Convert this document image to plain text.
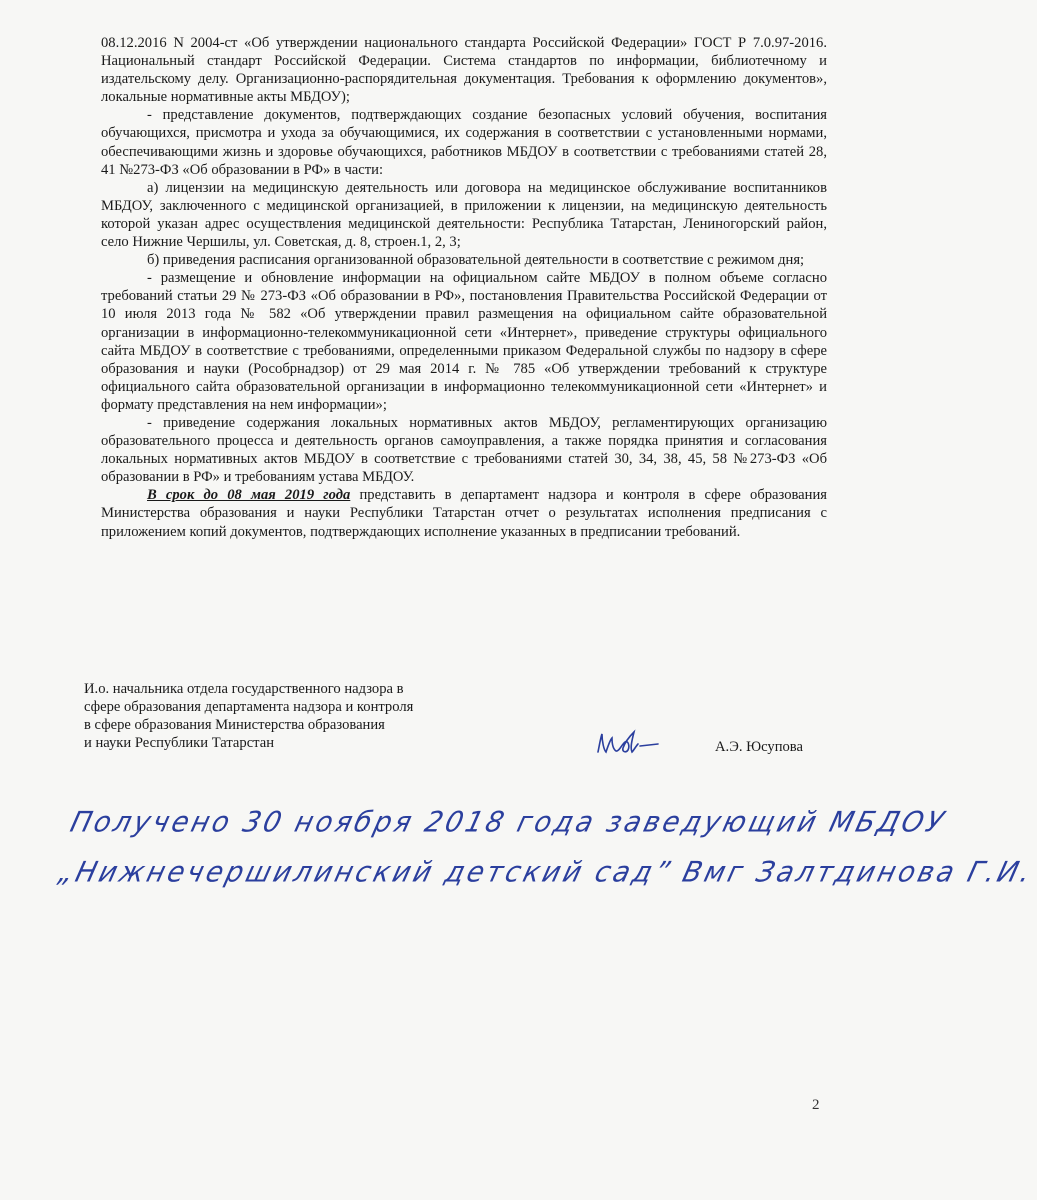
08.12.2016 N 2004-ст «Об утверждении национального стандарта Российской Федерации» ГОСТ Р 7.0.97-2016. Национальный стандарт Российской Федерации. Система стандартов по информации, библиотечному и издательскому делу. Организационно-распорядительная документация. Требования к оформлению документов», локальные нормативные акты МБДОУ);

- представление документов, подтверждающих создание безопасных условий обучения, воспитания обучающихся, присмотра и ухода за обучающимися, их содержания в соответствии с установленными нормами, обеспечивающими жизнь и здоровье обучающихся, работников МБДОУ в соответствии с требованиями статей 28, 41 №273-ФЗ «Об образовании в РФ» в части:

а) лицензии на медицинскую деятельность или договора на медицинское обслуживание воспитанников МБДОУ, заключенного с медицинской организацией, в приложении к лицензии, на медицинскую деятельность которой указан адрес осуществления медицинской деятельности: Республика Татарстан, Лениногорский район, село Нижние Чершилы, ул. Советская, д. 8, строен.1, 2, 3;

б) приведения расписания организованной образовательной деятельности в соответствие с режимом дня;

- размещение и обновление информации на официальном сайте МБДОУ в полном объеме согласно требований статьи 29 № 273-ФЗ «Об образовании в РФ», постановления Правительства Российской Федерации от 10 июля 2013 года № 582 «Об утверждении правил размещения на официальном сайте образовательной организации в информационно-телекоммуникационной сети «Интернет», приведение структуры официального сайта МБДОУ в соответствие с требованиями, определенными приказом Федеральной службы по надзору в сфере образования и науки (Рособрнадзор) от 29 мая 2014 г. № 785 «Об утверждении требований к структуре официального сайта образовательной организации в информационно телекоммуникационной сети «Интернет» и формату представления на нем информации»;

- приведение содержания локальных нормативных актов МБДОУ, регламентирующих организацию образовательного процесса и деятельность органов самоуправления, а также порядка принятия и согласования локальных нормативных актов МБДОУ в соответствие с требованиями статей 30, 34, 38, 45, 58 №273-ФЗ «Об образовании в РФ» и требованиям устава МБДОУ.

В срок до 08 мая 2019 года представить в департамент надзора и контроля в сфере образования Министерства образования и науки Республики Татарстан отчет о результатах исполнения предписания с приложением копий документов, подтверждающих исполнение указанных в предписании требований.

И.о. начальника отдела государственного надзора в
сфере образования департамента надзора и контроля
в сфере образования Министерства образования
и науки Республики Татарстан	А.Э. Юсупова
Получено 30 ноября 2018 года заведующий МБДОУ
„Нижнечершилинский детский сад” Вмг Залтдинова Г.И.
2
